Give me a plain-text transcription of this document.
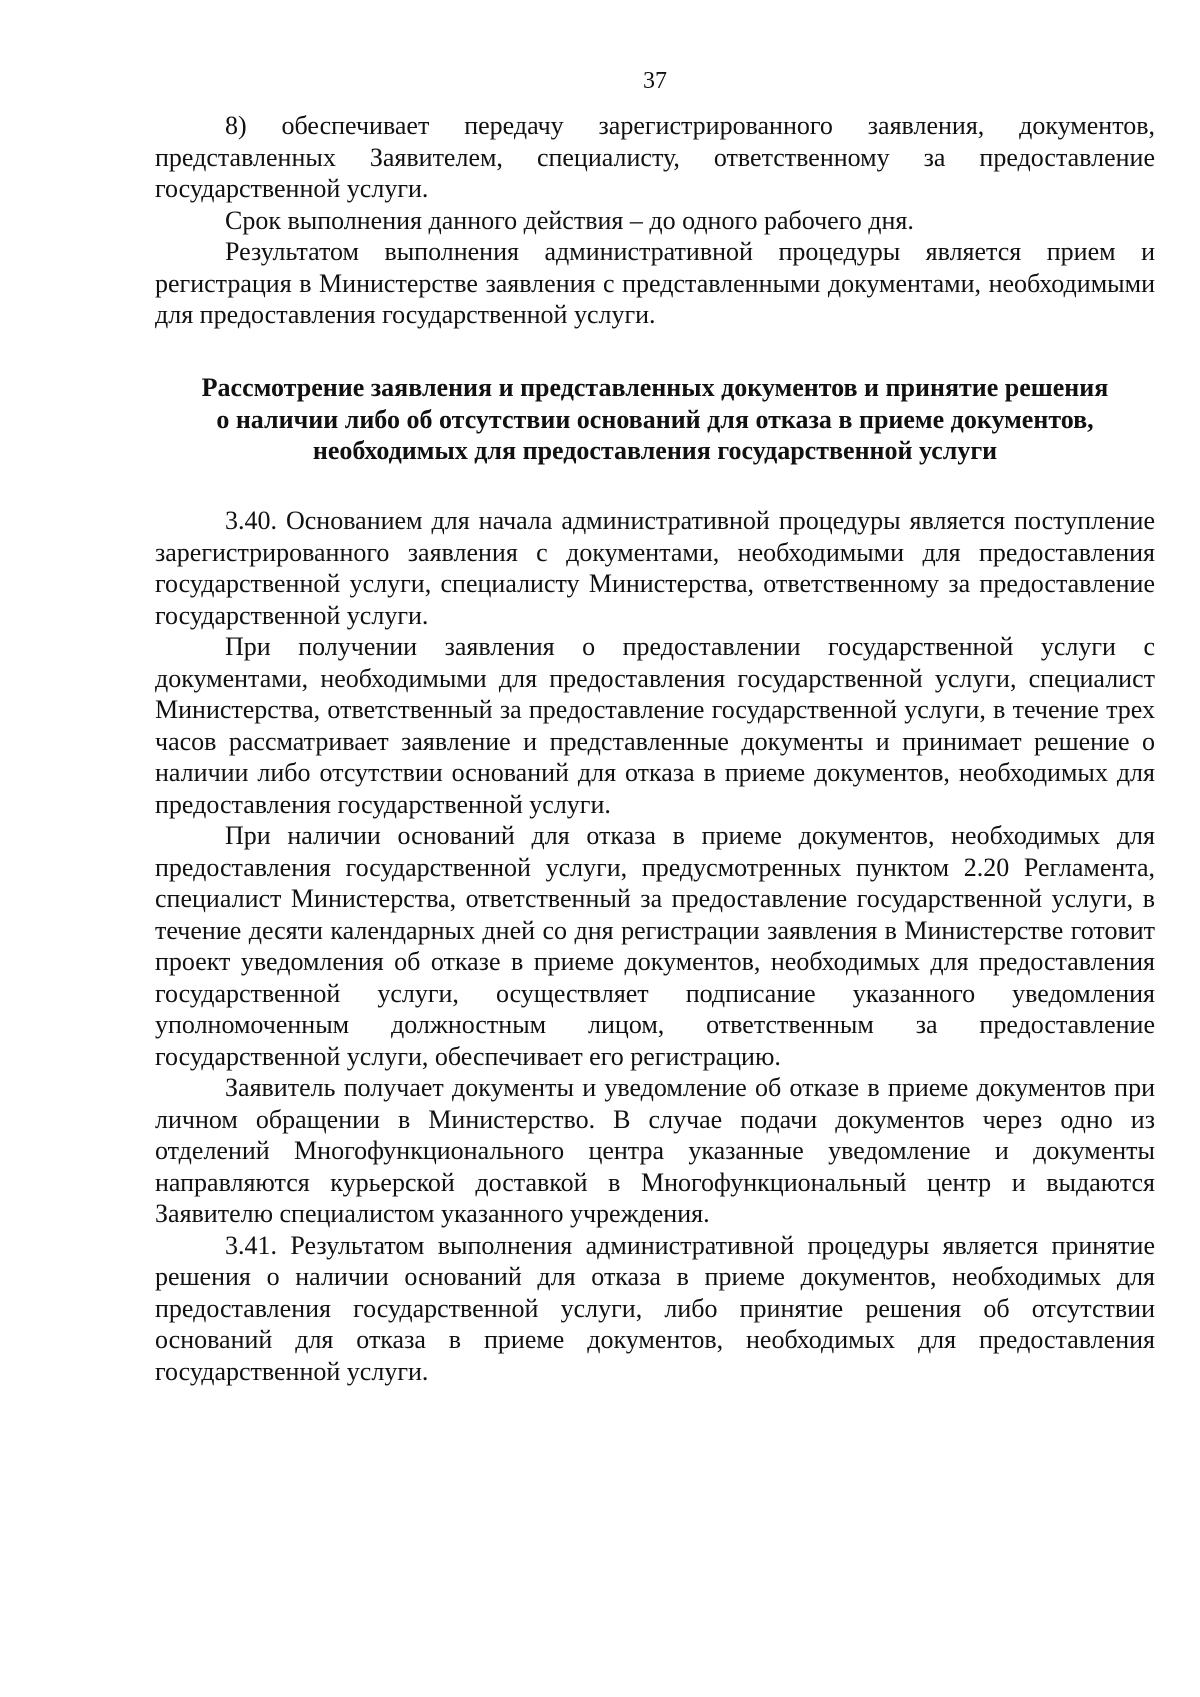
37

8) обеспечивает передачу зарегистрированного заявления, документов, представленных Заявителем, специалисту, ответственному за предоставление государственной услуги.

Срок выполнения данного действия – до одного рабочего дня.

Результатом выполнения административной процедуры является прием и регистрация в Министерстве заявления с представленными документами, необходимыми для предоставления государственной услуги.

Рассмотрение заявления и представленных документов и принятие решения
о наличии либо об отсутствии оснований для отказа в приеме документов,
необходимых для предоставления государственной услуги

3.40. Основанием для начала административной процедуры является поступление зарегистрированного заявления с документами, необходимыми для предоставления государственной услуги, специалисту Министерства, ответственному за предоставление государственной услуги.

При получении заявления о предоставлении государственной услуги с документами, необходимыми для предоставления государственной услуги, специалист Министерства, ответственный за предоставление государственной услуги, в течение трех часов рассматривает заявление и представленные документы и принимает решение о наличии либо отсутствии оснований для отказа в приеме документов, необходимых для предоставления государственной услуги.

При наличии оснований для отказа в приеме документов, необходимых для предоставления государственной услуги, предусмотренных пунктом 2.20 Регламента, специалист Министерства, ответственный за предоставление государственной услуги, в течение десяти календарных дней со дня регистрации заявления в Министерстве готовит проект уведомления об отказе в приеме документов, необходимых для предоставления государственной услуги, осуществляет подписание указанного уведомления уполномоченным должностным лицом, ответственным за предоставление государственной услуги, обеспечивает его регистрацию.

Заявитель получает документы и уведомление об отказе в приеме документов при личном обращении в Министерство. В случае подачи документов через одно из отделений Многофункционального центра указанные уведомление и документы направляются курьерской доставкой в Многофункциональный центр и выдаются Заявителю специалистом указанного учреждения.

3.41. Результатом выполнения административной процедуры является принятие решения о наличии оснований для отказа в приеме документов, необходимых для предоставления государственной услуги, либо принятие решения об отсутствии оснований для отказа в приеме документов, необходимых для предоставления государственной услуги.
